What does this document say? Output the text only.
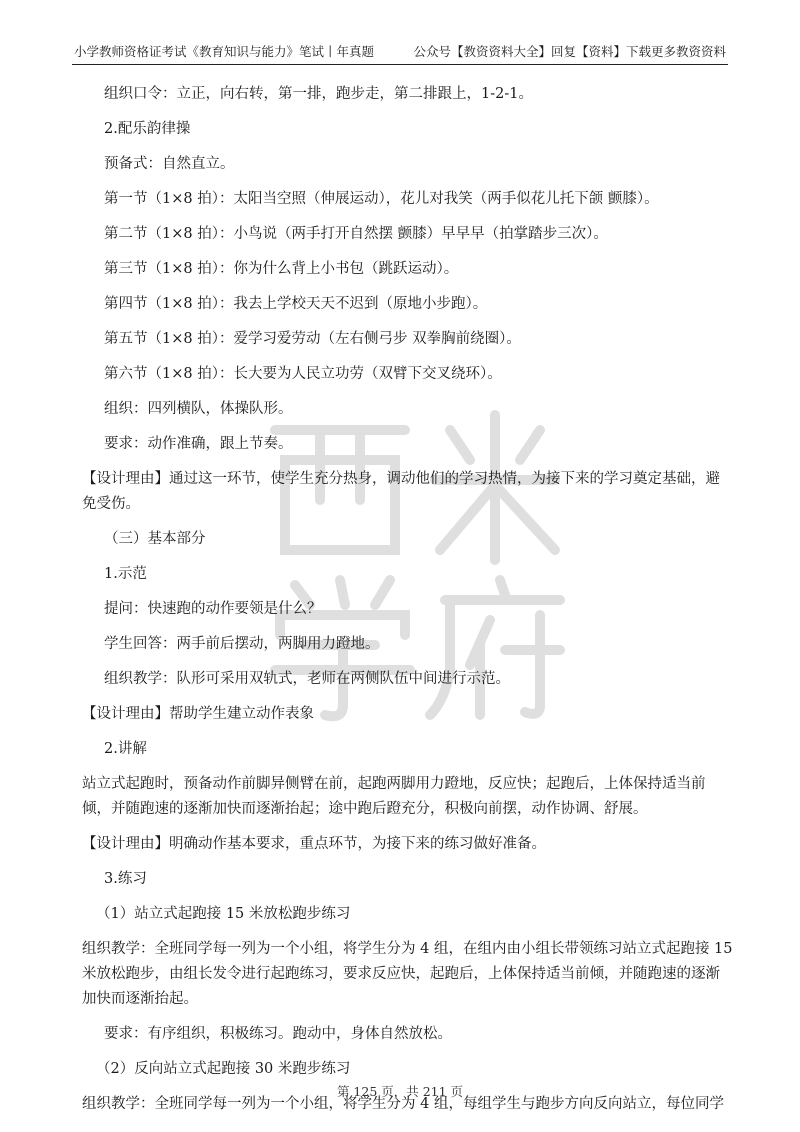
小学教师资格证考试《教育知识与能力》笔试丨年真题	公众号【教资资料大全】回复【资料】下载更多教资资料

组织口令：立正，向右转，第一排，跑步走，第二排跟上，1-2-1。

2.配乐韵律操

预备式：自然直立。

第一节（1×8 拍）：太阳当空照（伸展运动），花儿对我笑（两手似花儿托下颌 颤膝）。

第二节（1×8 拍）：小鸟说（两手打开自然摆 颤膝）早早早（拍掌踏步三次）。

第三节（1×8 拍）：你为什么背上小书包（跳跃运动）。

第四节（1×8 拍）：我去上学校天天不迟到（原地小步跑）。

第五节（1×8 拍）：爱学习爱劳动（左右侧弓步 双拳胸前绕圈）。

第六节（1×8 拍）：长大要为人民立功劳（双臂下交叉绕环）。

组织：四列横队，体操队形。

要求：动作准确，跟上节奏。

【设计理由】通过这一环节，使学生充分热身，调动他们的学习热情，为接下来的学习奠定基础，避免受伤。

（三）基本部分

1.示范

提问：快速跑的动作要领是什么？

学生回答：两手前后摆动，两脚用力蹬地。

组织教学：队形可采用双轨式，老师在两侧队伍中间进行示范。

【设计理由】帮助学生建立动作表象

2.讲解

站立式起跑时，预备动作前脚异侧臂在前，起跑两脚用力蹬地，反应快；起跑后，上体保持适当前倾，并随跑速的逐渐加快而逐渐抬起；途中跑后蹬充分，积极向前摆，动作协调、舒展。

【设计理由】明确动作基本要求，重点环节，为接下来的练习做好准备。

3.练习

（1）站立式起跑接 15 米放松跑步练习

组织教学：全班同学每一列为一个小组，将学生分为 4 组，在组内由小组长带领练习站立式起跑接 15 米放松跑步，由组长发令进行起跑练习，要求反应快，起跑后，上体保持适当前倾，并随跑速的逐渐加快而逐渐抬起。

要求：有序组织，积极练习。跑动中，身体自然放松。

（2）反向站立式起跑接 30 米跑步练习

组织教学：全班同学每一列为一个小组，将学生分为 4 组，每组学生与跑步方向反向站立，每位同学

第 125 页，共 211 页
